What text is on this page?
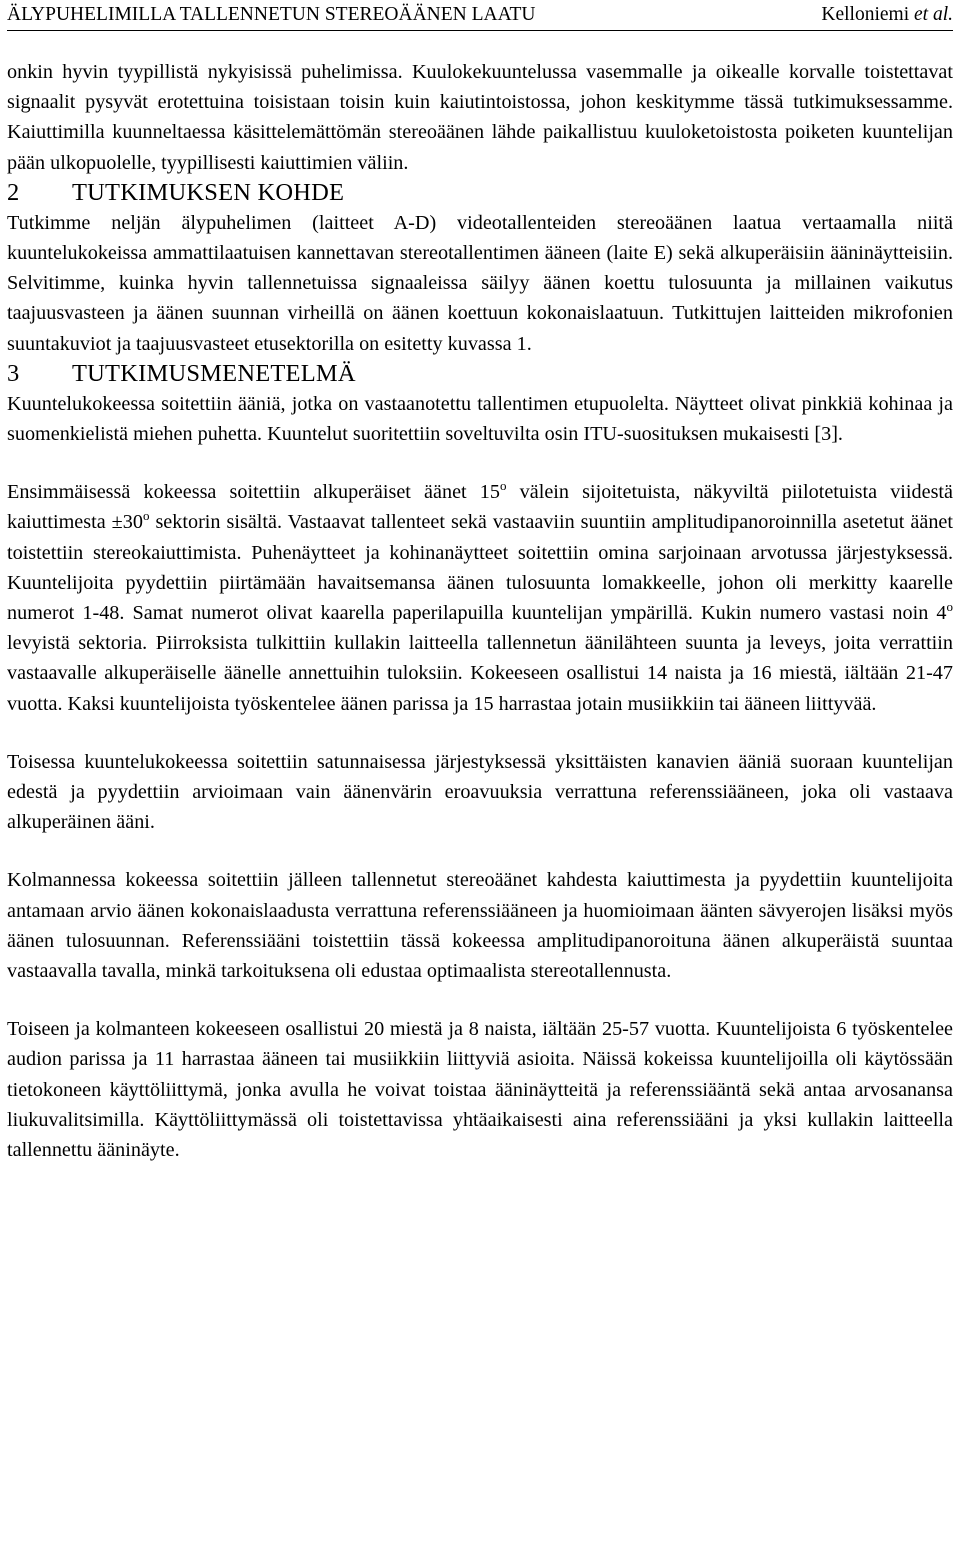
ÄLYPUHELIMILLA TALLENNETUN STEREOÄÄNEN LAATU	Kelloniemi et al.

onkin hyvin tyypillistä nykyisissä puhelimissa. Kuulokekuuntelussa vasemmalle ja oikealle korvalle toistettavat signaalit pysyvät erotettuina toisistaan toisin kuin kaiutintoistossa, johon keskitymme tässä tutkimuksessamme. Kaiuttimilla kuunneltaessa käsittelemättömän stereoäänen lähde paikallistuu kuuloketoistosta poiketen kuuntelijan pään ulkopuolelle, tyypillisesti kaiuttimien väliin.

2 TUTKIMUKSEN KOHDE

Tutkimme neljän älypuhelimen (laitteet A-D) videotallenteiden stereoäänen laatua vertaamalla niitä kuuntelukokeissa ammattilaatuisen kannettavan stereotallentimen ääneen (laite E) sekä alkuperäisiin ääninäytteisiin. Selvitimme, kuinka hyvin tallennetuissa signaaleissa säilyy äänen koettu tulosuunta ja millainen vaikutus taajuusvasteen ja äänen suunnan virheillä on äänen koettuun kokonaislaatuun. Tutkittujen laitteiden mikrofonien suuntakuviot ja taajuusvasteet etusektorilla on esitetty kuvassa 1.

3 TUTKIMUSMENETELMÄ

Kuuntelukokeessa soitettiin ääniä, jotka on vastaanotettu tallentimen etupuolelta. Näytteet olivat pinkkiä kohinaa ja suomenkielistä miehen puhetta. Kuuntelut suoritettiin soveltuvilta osin ITU-suosituksen mukaisesti [3].

Ensimmäisessä kokeessa soitettiin alkuperäiset äänet 15$^o$ välein sijoitetuista, näkyviltä piilotetuista viidestä kaiuttimesta $\pm 30^o$ sektorin sisältä. Vastaavat tallenteet sekä vastaaviin suuntiin amplitudipanoroinnilla asetetut äänet toistettiin stereokaiuttimista. Puhenäytteet ja kohinanäytteet soitettiin omina sarjoinaan arvotussa järjestyksessä. Kuuntelijoita pyydettiin piirtämään havaitsemansa äänen tulosuunta lomakkeelle, johon oli merkitty kaarelle numerot 1-48. Samat numerot olivat kaarella paperilapuilla kuuntelijan ympärillä. Kukin numero vastasi noin 4$^o$ levyistä sektoria. Piirroksista tulkittiin kullakin laitteella tallennetun äänilähteen suunta ja leveys, joita verrattiin vastaavalle alkuperäiselle äänelle annettuihin tuloksiin. Kokeeseen osallistui 14 naista ja 16 miestä, iältään 21-47 vuotta. Kaksi kuuntelijoista työskentelee äänen parissa ja 15 harrastaa jotain musiikkiin tai ääneen liittyvää.

Toisessa kuuntelukokeessa soitettiin satunnaisessa järjestyksessä yksittäisten kanavien ääniä suoraan kuuntelijan edestä ja pyydettiin arvioimaan vain äänenvärin eroavuuksia verrattuna referenssiääneen, joka oli vastaava alkuperäinen ääni.

Kolmannessa kokeessa soitettiin jälleen tallennetut stereoäänet kahdesta kaiuttimesta ja pyydettiin kuuntelijoita antamaan arvio äänen kokonaislaadusta verrattuna referenssiääneen ja huomioimaan äänten sävyerojen lisäksi myös äänen tulosuunnan. Referenssiääni toistettiin tässä kokeessa amplitudipanoroituna äänen alkuperäistä suuntaa vastaavalla tavalla, minkä tarkoituksena oli edustaa optimaalista stereotallennusta.

Toiseen ja kolmanteen kokeeseen osallistui 20 miestä ja 8 naista, iältään 25-57 vuotta. Kuuntelijoista 6 työskentelee audion parissa ja 11 harrastaa ääneen tai musiikkiin liittyviä asioita. Näissä kokeissa kuuntelijoilla oli käytössään tietokoneen käyttöliittymä, jonka avulla he voivat toistaa ääninäytteitä ja referenssiääntä sekä antaa arvosanansa liukuvalitsimilla. Käyttöliittymässä oli toistettavissa yhtäaikaisesti aina referenssiääni ja yksi kullakin laitteella tallennettu ääninäyte.
